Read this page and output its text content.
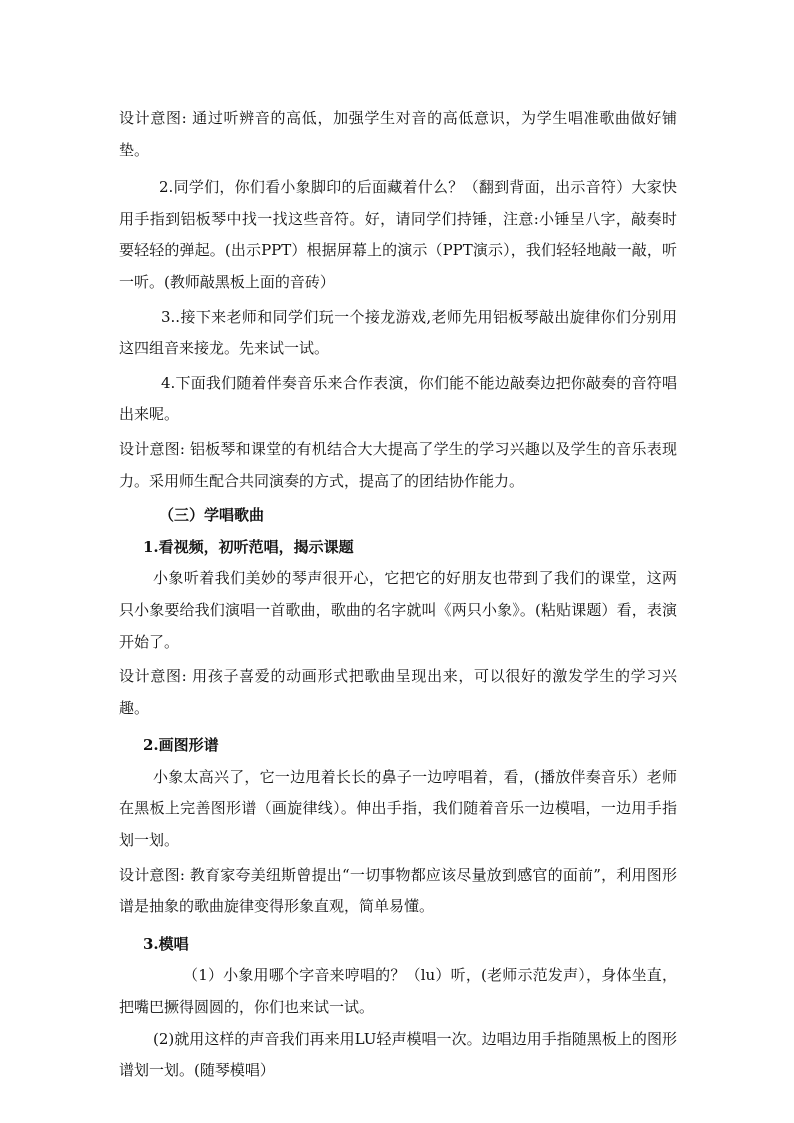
设计意图: 通过听辨音的高低，加强学生对音的高低意识，为学生唱准歌曲做好铺垫。

2.同学们，你们看小象脚印的后面藏着什么？（翻到背面，出示音符）大家快用手指到铝板琴中找一找这些音符。好，请同学们持锤，注意:小锤呈八字，敲奏时要轻轻的弹起。(出示PPT）根据屏幕上的演示（PPT演示），我们轻轻地敲一敲，听一听。(教师敲黑板上面的音砖）

3..接下来老师和同学们玩一个接龙游戏,老师先用铝板琴敲出旋律你们分别用这四组音来接龙。先来试一试。

4.下面我们随着伴奏音乐来合作表演，你们能不能边敲奏边把你敲奏的音符唱出来呢。

设计意图: 铝板琴和课堂的有机结合大大提高了学生的学习兴趣以及学生的音乐表现力。采用师生配合共同演奏的方式，提高了的团结协作能力。

（三）学唱歌曲

1.看视频，初听范唱，揭示课题

小象听着我们美妙的琴声很开心，它把它的好朋友也带到了我们的课堂，这两只小象要给我们演唱一首歌曲，歌曲的名字就叫《两只小象》。(粘贴课题）看，表演开始了。

设计意图: 用孩子喜爱的动画形式把歌曲呈现出来，可以很好的激发学生的学习兴趣。

2.画图形谱

小象太高兴了，它一边甩着长长的鼻子一边哼唱着，看，(播放伴奏音乐）老师在黑板上完善图形谱（画旋律线）。伸出手指，我们随着音乐一边模唱，一边用手指划一划。

设计意图: 教育家夸美纽斯曾提出“一切事物都应该尽量放到感官的面前”，利用图形谱是抽象的歌曲旋律变得形象直观，简单易懂。

3.模唱

（1）小象用哪个字音来哼唱的？（lu）听，(老师示范发声），身体坐直，把嘴巴撅得圆圆的，你们也来试一试。

(2)就用这样的声音我们再来用LU轻声模唱一次。边唱边用手指随黑板上的图形谱划一划。(随琴模唱）
